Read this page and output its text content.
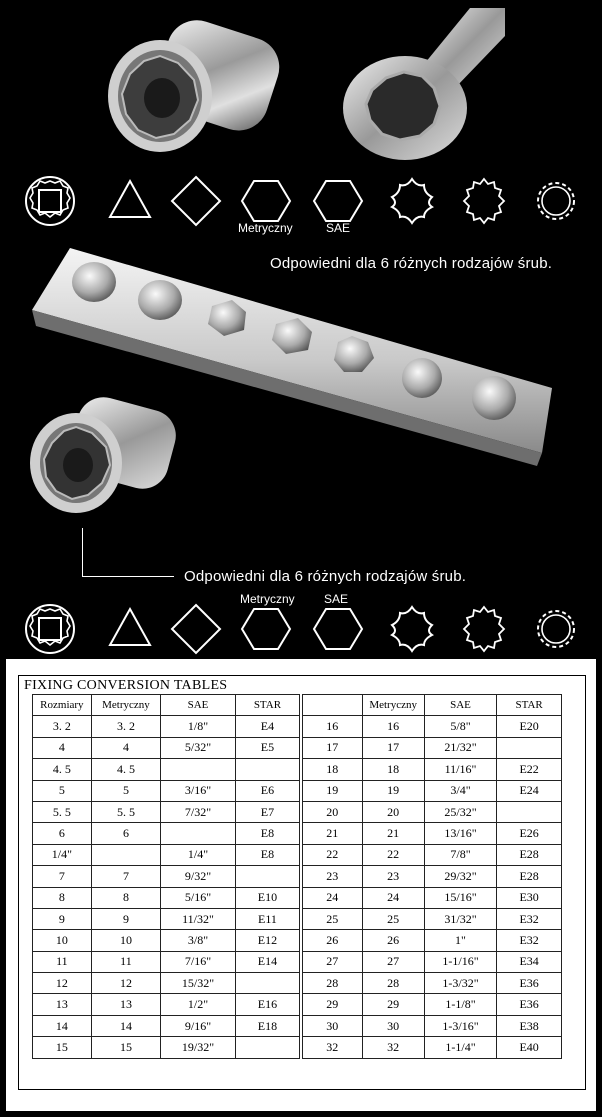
Metryczny	SAE
Odpowiedni dla 6 różnych rodzajów śrub.
Odpowiedni dla 6 różnych rodzajów śrub.
Metryczny SAE
FIXING CONVERSION TABLES
Rozmiary	Metryczny	SAE	STAR
3. 2	3. 2	1/8"	E4
4	4	5/32"	E5
4. 5	4. 5		
5	5	3/16"	E6
5. 5	5. 5	7/32"	E7
6	6		E8
1/4"		1/4"	E8
7	7	9/32"	
8	8	5/16"	E10
9	9	11/32"	E11
10	10	3/8"	E12
11	11	7/16"	E14
12	12	15/32"	
13	13	1/2"	E16
14	14	9/16"	E18
15	15	19/32"	
	Metryczny	SAE	STAR
16	16	5/8"	E20
17	17	21/32"	
18	18	11/16"	E22
19	19	3/4"	E24
20	20	25/32"	
21	21	13/16"	E26
22	22	7/8"	E28
23	23	29/32"	E28
24	24	15/16"	E30
25	25	31/32"	E32
26	26	1"	E32
27	27	1-1/16"	E34
28	28	1-3/32"	E36
29	29	1-1/8"	E36
30	30	1-3/16"	E38
32	32	1-1/4"	E40
